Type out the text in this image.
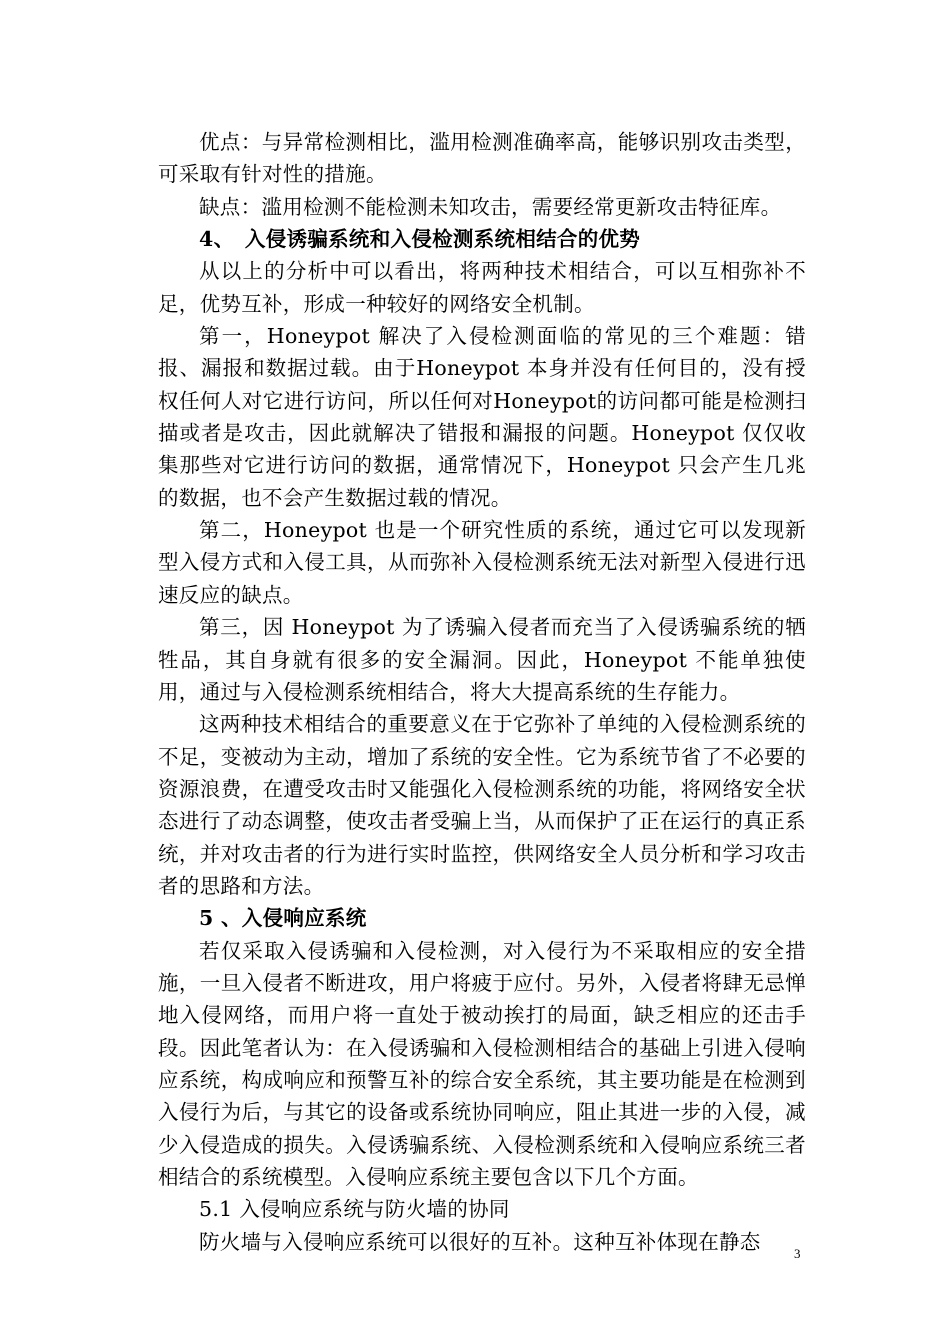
优点：与异常检测相比，滥用检测准确率高，能够识别攻击类型，可采取有针对性的措施。

缺点：滥用检测不能检测未知攻击，需要经常更新攻击特征库。

4、　入侵诱骗系统和入侵检测系统相结合的优势

从以上的分析中可以看出，将两种技术相结合，可以互相弥补不足，优势互补，形成一种较好的网络安全机制。

第一，Honeypot 解决了入侵检测面临的常见的三个难题：错报、漏报和数据过载。由于Honeypot 本身并没有任何目的，没有授权任何人对它进行访问，所以任何对Honeypot的访问都可能是检测扫描或者是攻击，因此就解决了错报和漏报的问题。Honeypot 仅仅收集那些对它进行访问的数据，通常情况下，Honeypot 只会产生几兆的数据，也不会产生数据过载的情况。

第二，Honeypot 也是一个研究性质的系统，通过它可以发现新型入侵方式和入侵工具，从而弥补入侵检测系统无法对新型入侵进行迅速反应的缺点。

第三，因 Honeypot 为了诱骗入侵者而充当了入侵诱骗系统的牺牲品，其自身就有很多的安全漏洞。因此，Honeypot 不能单独使用，通过与入侵检测系统相结合，将大大提高系统的生存能力。

这两种技术相结合的重要意义在于它弥补了单纯的入侵检测系统的不足，变被动为主动，增加了系统的安全性。它为系统节省了不必要的资源浪费，在遭受攻击时又能强化入侵检测系统的功能，将网络安全状态进行了动态调整，使攻击者受骗上当，从而保护了正在运行的真正系统，并对攻击者的行为进行实时监控，供网络安全人员分析和学习攻击者的思路和方法。

5 、入侵响应系统

若仅采取入侵诱骗和入侵检测，对入侵行为不采取相应的安全措施，一旦入侵者不断进攻，用户将疲于应付。另外，入侵者将肆无忌惮地入侵网络，而用户将一直处于被动挨打的局面，缺乏相应的还击手段。因此笔者认为：在入侵诱骗和入侵检测相结合的基础上引进入侵响应系统，构成响应和预警互补的综合安全系统，其主要功能是在检测到入侵行为后，与其它的设备或系统协同响应，阻止其进一步的入侵，减少入侵造成的损失。入侵诱骗系统、入侵检测系统和入侵响应系统三者相结合的系统模型。入侵响应系统主要包含以下几个方面。

5.1 入侵响应系统与防火墙的协同

防火墙与入侵响应系统可以很好的互补。这种互补体现在静态	3
